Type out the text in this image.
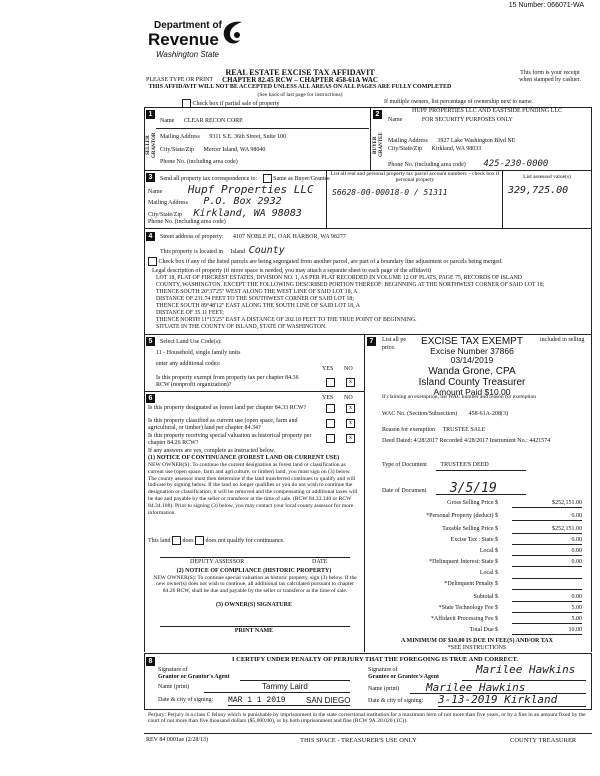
15 Number: 066071-WA
Department of
Revenue
Washington State
REAL ESTATE EXCISE TAX AFFIDAVIT
CHAPTER 82.45 RCW – CHAPTER 458-61A WAC
THIS AFFIDAVIT WILL NOT BE ACCEPTED UNLESS ALL AREAS ON ALL PAGES ARE FULLY COMPLETED
(See back of last page for instructions)
PLEASE TYPE OR PRINT
This form is your receipt when stamped by cashier.
Check box if partial sale of property	If multiple owners, list percentage of ownership next to name.
1
SELLER GRANTOR
Name CLEAR RECON CORP.
Mailing Address 9311 S.E. 36th Street, Suite 100
City/State/Zip Mercer Island, WA 98040
Phone No. (including area code)
2
BUYER GRANTEE
HUPF PROPERTIES LLC AND EASTSIDE FUNDING LLC
Name	FOR SECURITY PURPOSES ONLY
Mailing Address 3927 Lake Washington Blvd NE
City/State/Zip Kirkland, WA 98033
Phone No. (including area code) 425-230-0000
3	Send all property tax correspondence to:	Same as Buyer/Grantee
Name Hupf Properties LLC
Mailing Address P.O. Box 2932
City/State/Zip Kirkland, WA 98083
Phone No. (including area code)
List all real and personal property tax parcel account numbers – check box if personal property
List assessed value(s)
S6628-00-00018-0 / 51311	329,725.00
4	Street address of property: 4107 NOBLE PL, OAK HARBOR, WA 98277
This property is located in Island County
Check box if any of the listed parcels are being segregated from another parcel, are part of a boundary line adjustment or parcels being merged.
Legal description of property (if more space is needed, you may attach a separate sheet to each page of the affidavit)
LOT 18, PLAT OF FIRCREST ESTATES, DIVISION NO. 1, AS PER PLAT RECORDED IN VOLUME 12 OF PLATS, PAGE 75, RECORDS OF ISLAND
COUNTY, WASHINGTON. EXCEPT THE FOLLOWING DESCRIBED PORTION THEREOF: BEGINNING AT THE NORTHWEST CORNER OF SAID LOT 18;
THENCE SOUTH 20°37'25" WEST ALONG THE WEST LINE OF SAID LOT 18, A
DISTANCE OF 231.74 FEET TO THE SOUTHWEST CORNER OF SAID LOT 18;
THENCE SOUTH 89°48'12" EAST ALONG THE SOUTH LINE OF SAID LOT 18, A
DISTANCE OF 35.11 FEET;
THENCE NORTH 11°15'25" EAST A DISTANCE OF 202.18 FEET TO THE TRUE POINT OF BEGINNING.
SITUATE IN THE COUNTY OF ISLAND, STATE OF WASHINGTON.
5	Select Land Use Code(s):
11 - Household, single family units
enter any additional codes:
YES NO
Is this property exempt from property tax per chapter 84.36 RCW (nonprofit organization)?	x
6	YES NO
Is this property designated as forest land per chapter 84.33 RCW?	x
Is this property classified as current use (open space, farm and agricultural, or timber) land per chapter 84.34?
x
Is this property receiving special valuation as historical property per chapter 84.26 RCW?
x
If any answers are yes, complete as instructed below.
(1) NOTICE OF CONTINUANCE (FOREST LAND OR CURRENT USE)
NEW OWNER(S): To continue the current designation as forest land or classification as current use (open space, farm and agriculture, or timber) land, you must sign on (3) below. The county assessor must then determine if the land transferred continues to qualify and will indicate by signing below. If the land no longer qualifies or you do not wish to continue the designation or classification, it will be removed and the compensating or additional taxes will be due and payable by the seller or transferor at the time of sale. (RCW 84.33.140 or RCW 84.34.108). Prior to signing (3) below, you may contact your local county assessor for more information.
This land does does not qualify for continuance.
DEPUTY ASSESSOR	DATE
(2) NOTICE OF COMPLIANCE (HISTORIC PROPERTY)
NEW OWNER(S): To continue special valuation as historic property, sign (3) below. If the new owner(s) does not wish to continue, all additional tax calculated pursuant to chapter 84.26 RCW, shall be due and payable by the seller or transferor at the time of sale.
(3) OWNER(S) SIGNATURE
PRINT NAME
7	List all pe	included in selling
price.
EXCISE TAX EXEMPT
Excise Number 37866
03/14/2019
Wanda Grone, CPA
Island County Treasurer
Amount Paid $10.00
If claiming an exemption, list WAC number and reason for exemption
WAC No. (Section/Subsection) 458-61A-208(3)
Reason for exemption TRUSTEE SALE
Deed Dated: 4/28/2017 Recorded 4/28/2017 Instrument No.: 4421574
Type of Document TRUSTEE'S DEED
Date of Document 3/5/19
Gross Selling Price $	$252,151.00
*Personal Property (deduct) $	0.00
Taxable Selling Price $	$252,151.00
Excise Tax : State $	0.00
Local $	0.00
*Delinquent Interest: State $	0.00
Local $
*Delinquent Penalty $
Subtotal $	0.00
*State Technology Fee $	5.00
*Affidavit Processing Fee $	5.00
Total Due $	10.00
A MINIMUM OF $10.00 IS DUE IN FEE(S) AND/OR TAX
*SEE INSTRUCTIONS
8	I CERTIFY UNDER PENALTY OF PERJURY THAT THE FOREGOING IS TRUE AND CORRECT.
Signature of
Grantor or Grantor's Agent
Name (print)	Tammy Laird
Date & city of signing: MAR 1 1 2019	SAN DIEGO
Signature of
Grantee or Grantee's Agent
Marilee Hawkins
Name (print) Marilee Hawkins
Date & city of signing: 3-13-2019 Kirkland
Perjury: Perjury is a class C felony which is punishable by imprisonment in the state correctional institution for a maximum term of not more than five years, or by a fine in an amount fixed by the court of not more than five thousand dollars ($5,000.00), or by both imprisonment and fine (RCW 9A.20.020 (1C)).
REV 84 0001ae (2/28/13)	THIS SPACE - TREASURER'S USE ONLY	COUNTY TREASURER
